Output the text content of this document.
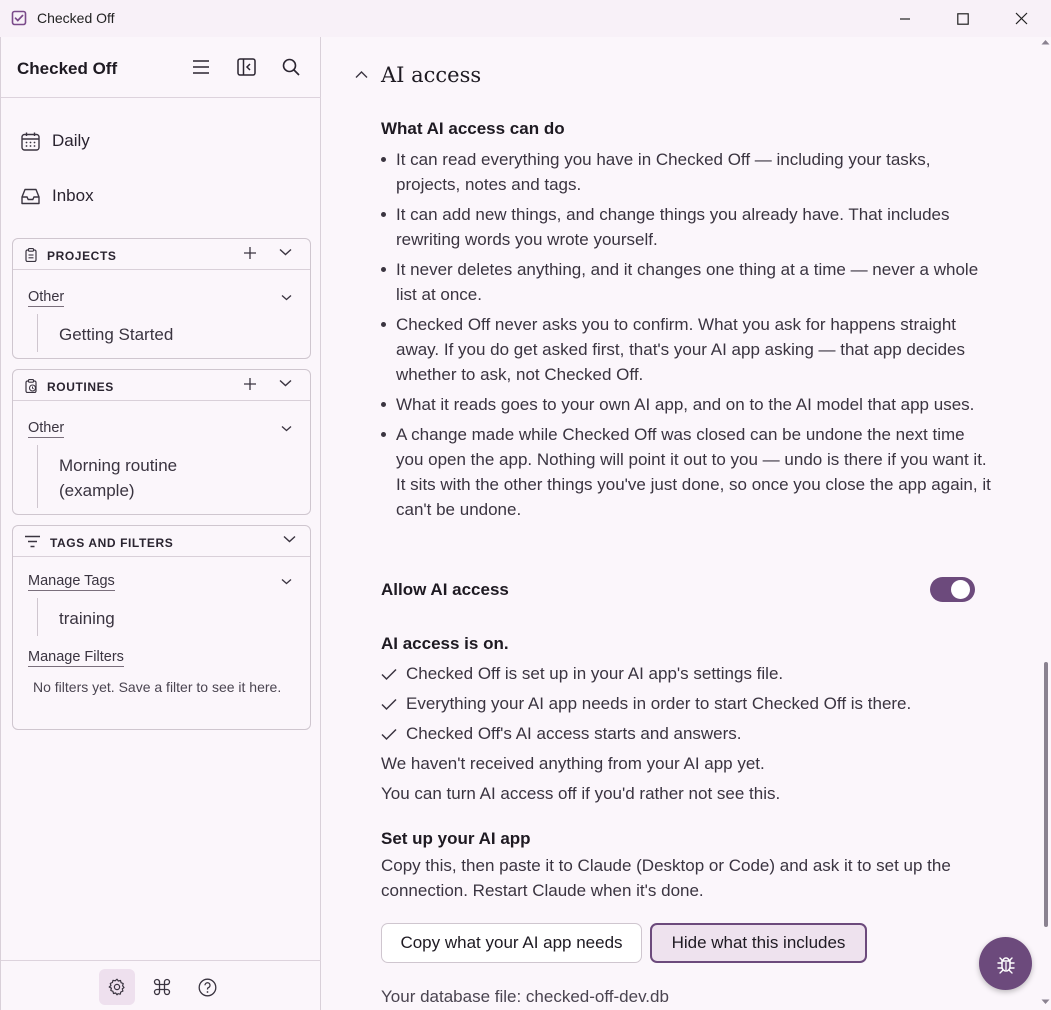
Checked Off
Checked Off
Daily
Inbox
PROJECTS
Other
Getting Started
ROUTINES
Other
Morning routine (example)
TAGS AND FILTERS
Manage Tags
training
Manage Filters
No filters yet. Save a filter to see it here.
AI access
What AI access can do
It can read everything you have in Checked Off — including your tasks, projects, notes and tags.
It can add new things, and change things you already have. That includes rewriting words you wrote yourself.
It never deletes anything, and it changes one thing at a time — never a whole list at once.
Checked Off never asks you to confirm. What you ask for happens straight away. If you do get asked first, that's your AI app asking — that app decides whether to ask, not Checked Off.
What it reads goes to your own AI app, and on to the AI model that app uses.
A change made while Checked Off was closed can be undone the next time you open the app. Nothing will point it out to you — undo is there if you want it. It sits with the other things you've just done, so once you close the app again, it can't be undone.
Allow AI access
AI access is on.
Checked Off is set up in your AI app's settings file.
Everything your AI app needs in order to start Checked Off is there.
Checked Off's AI access starts and answers.
We haven't received anything from your AI app yet.
You can turn AI access off if you'd rather not see this.
Set up your AI app
Copy this, then paste it to Claude (Desktop or Code) and ask it to set up the connection. Restart Claude when it's done.
Copy what your AI app needs	Hide what this includes
Your database file: checked-off-dev.db
